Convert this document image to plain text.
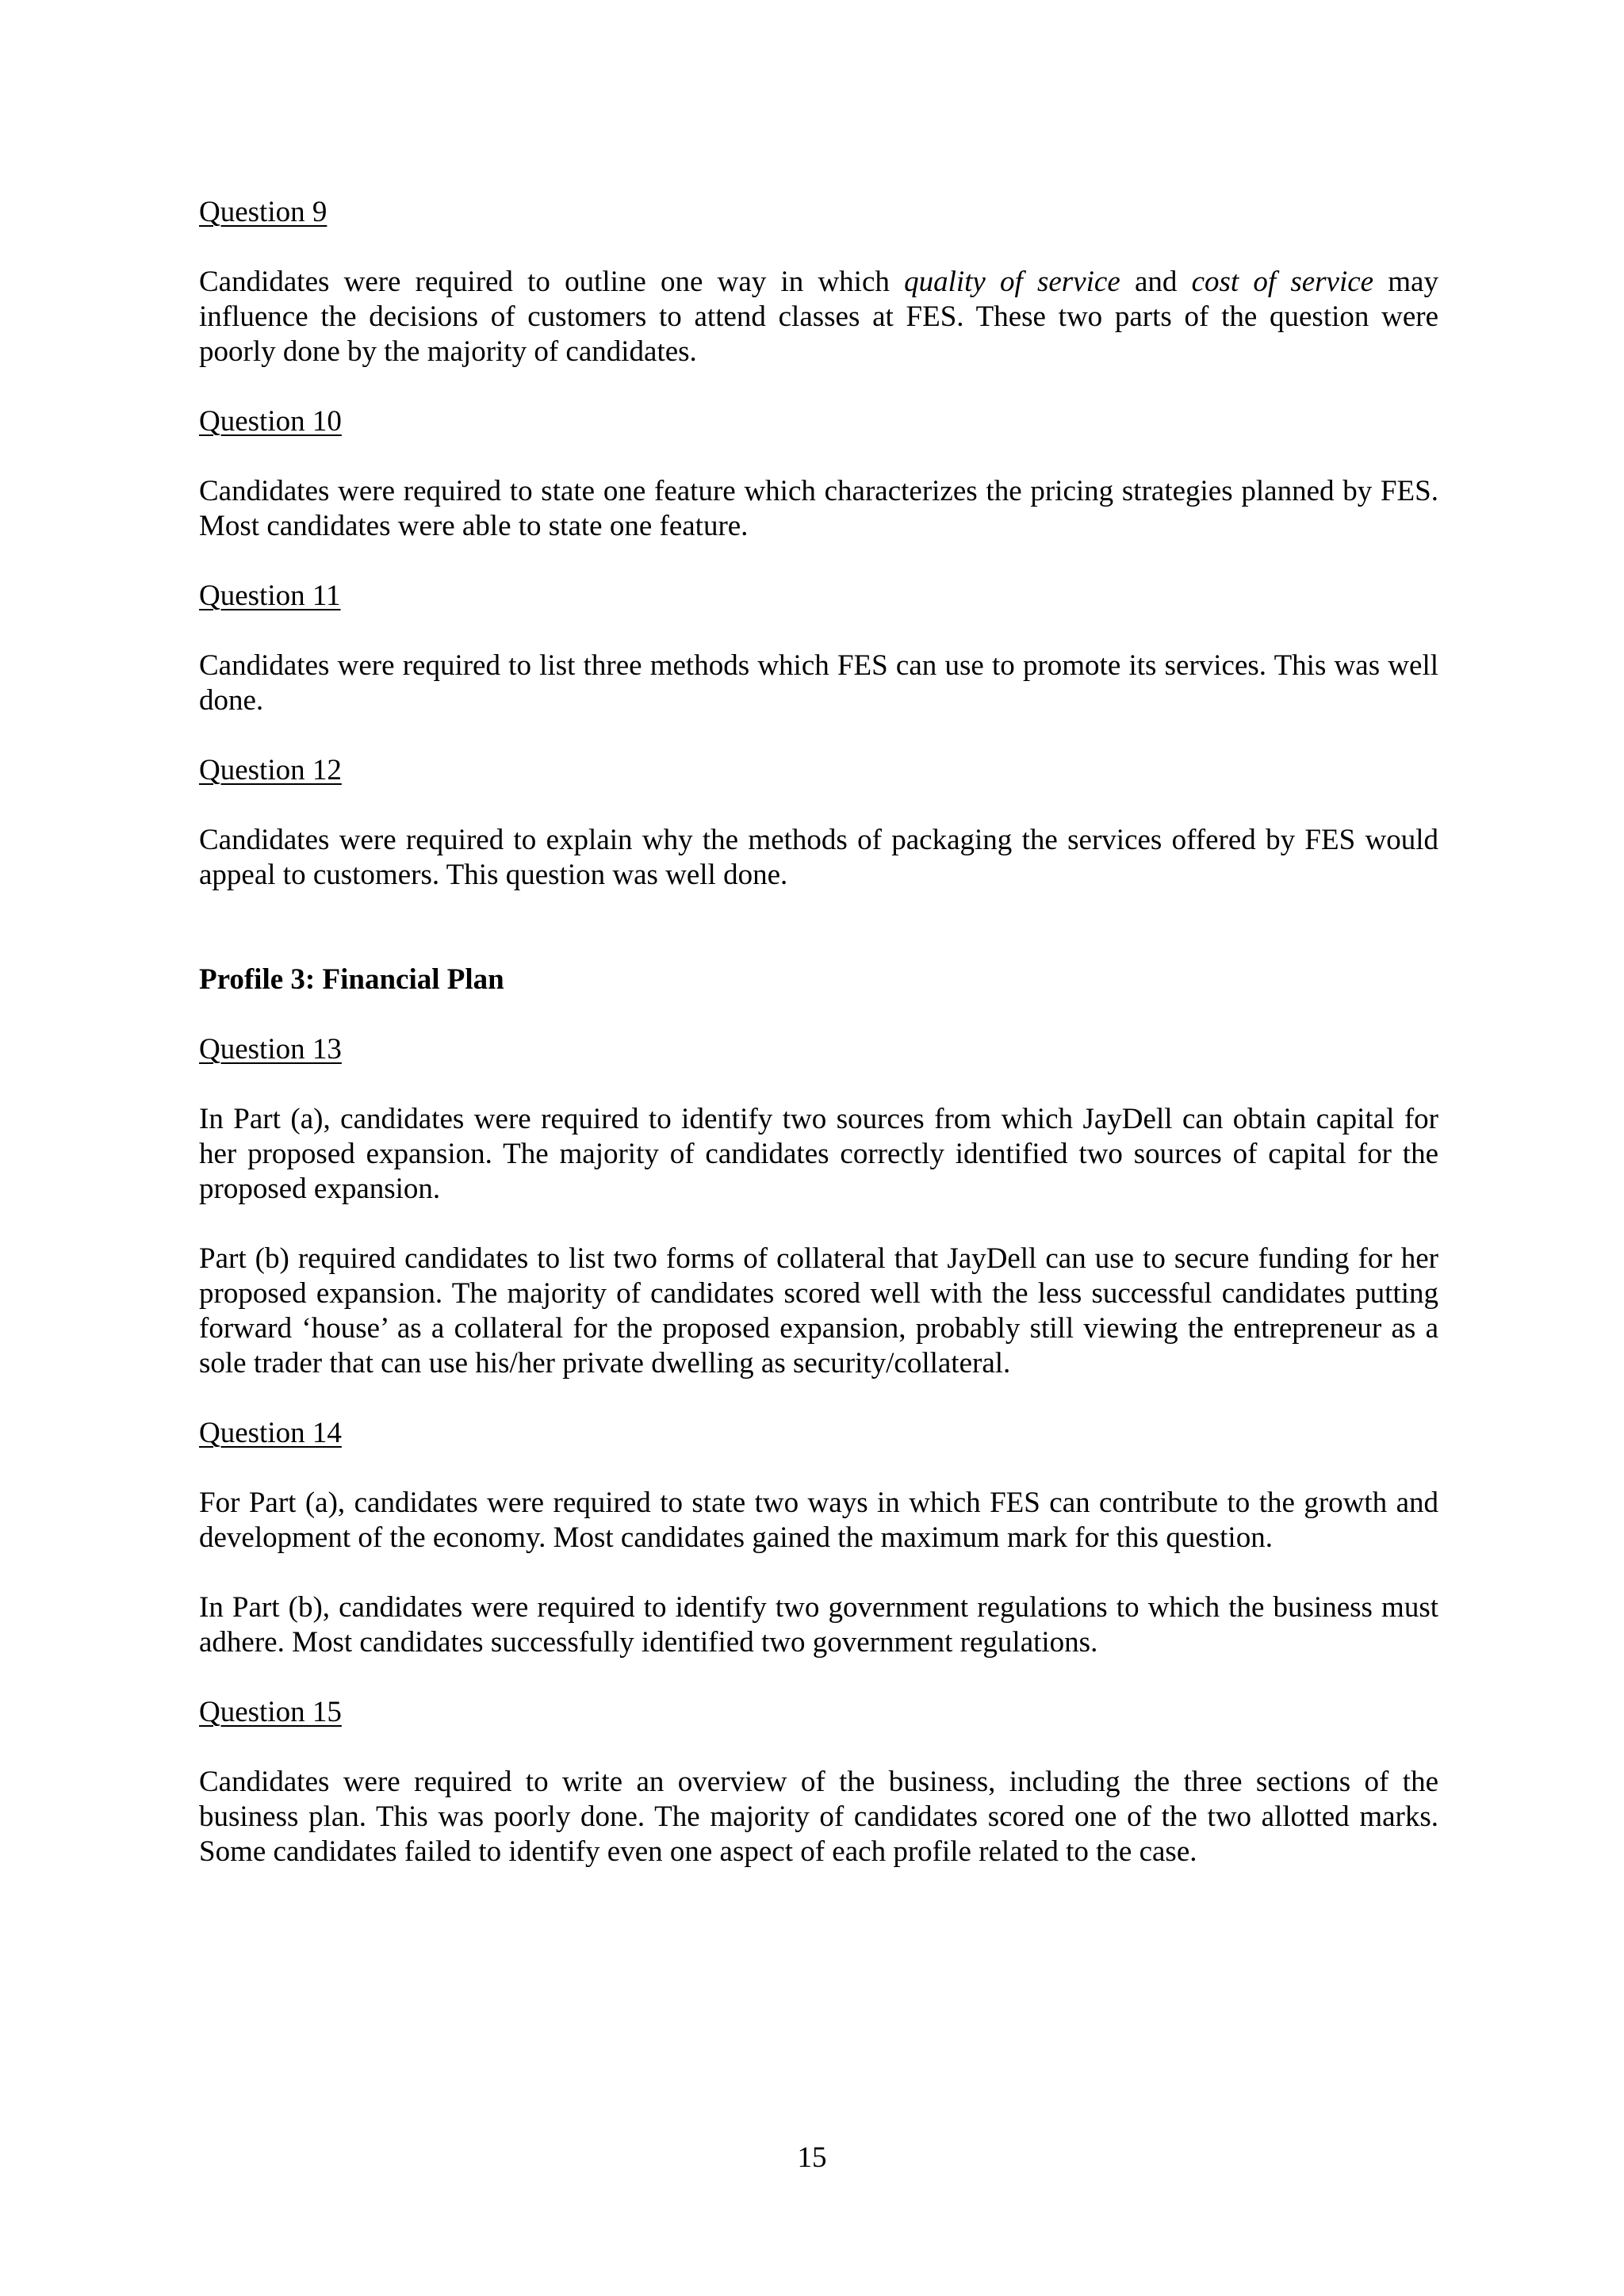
Question 9

Candidates were required to outline one way in which quality of service and cost of service may influence the decisions of customers to attend classes at FES. These two parts of the question were poorly done by the majority of candidates.

Question 10

Candidates were required to state one feature which characterizes the pricing strategies planned by FES. Most candidates were able to state one feature.

Question 11

Candidates were required to list three methods which FES can use to promote its services. This was well done.

Question 12

Candidates were required to explain why the methods of packaging the services offered by FES would appeal to customers. This question was well done.

Profile 3: Financial Plan

Question 13

In Part (a), candidates were required to identify two sources from which JayDell can obtain capital for her proposed expansion. The majority of candidates correctly identified two sources of capital for the proposed expansion.

Part (b) required candidates to list two forms of collateral that JayDell can use to secure funding for her proposed expansion. The majority of candidates scored well with the less successful candidates putting forward ‘house’ as a collateral for the proposed expansion, probably still viewing the entrepreneur as a sole trader that can use his/her private dwelling as security/collateral.

Question 14

For Part (a), candidates were required to state two ways in which FES can contribute to the growth and development of the economy. Most candidates gained the maximum mark for this question.

In Part (b), candidates were required to identify two government regulations to which the business must adhere. Most candidates successfully identified two government regulations.

Question 15

Candidates were required to write an overview of the business, including the three sections of the business plan. This was poorly done. The majority of candidates scored one of the two allotted marks. Some candidates failed to identify even one aspect of each profile related to the case.

15
